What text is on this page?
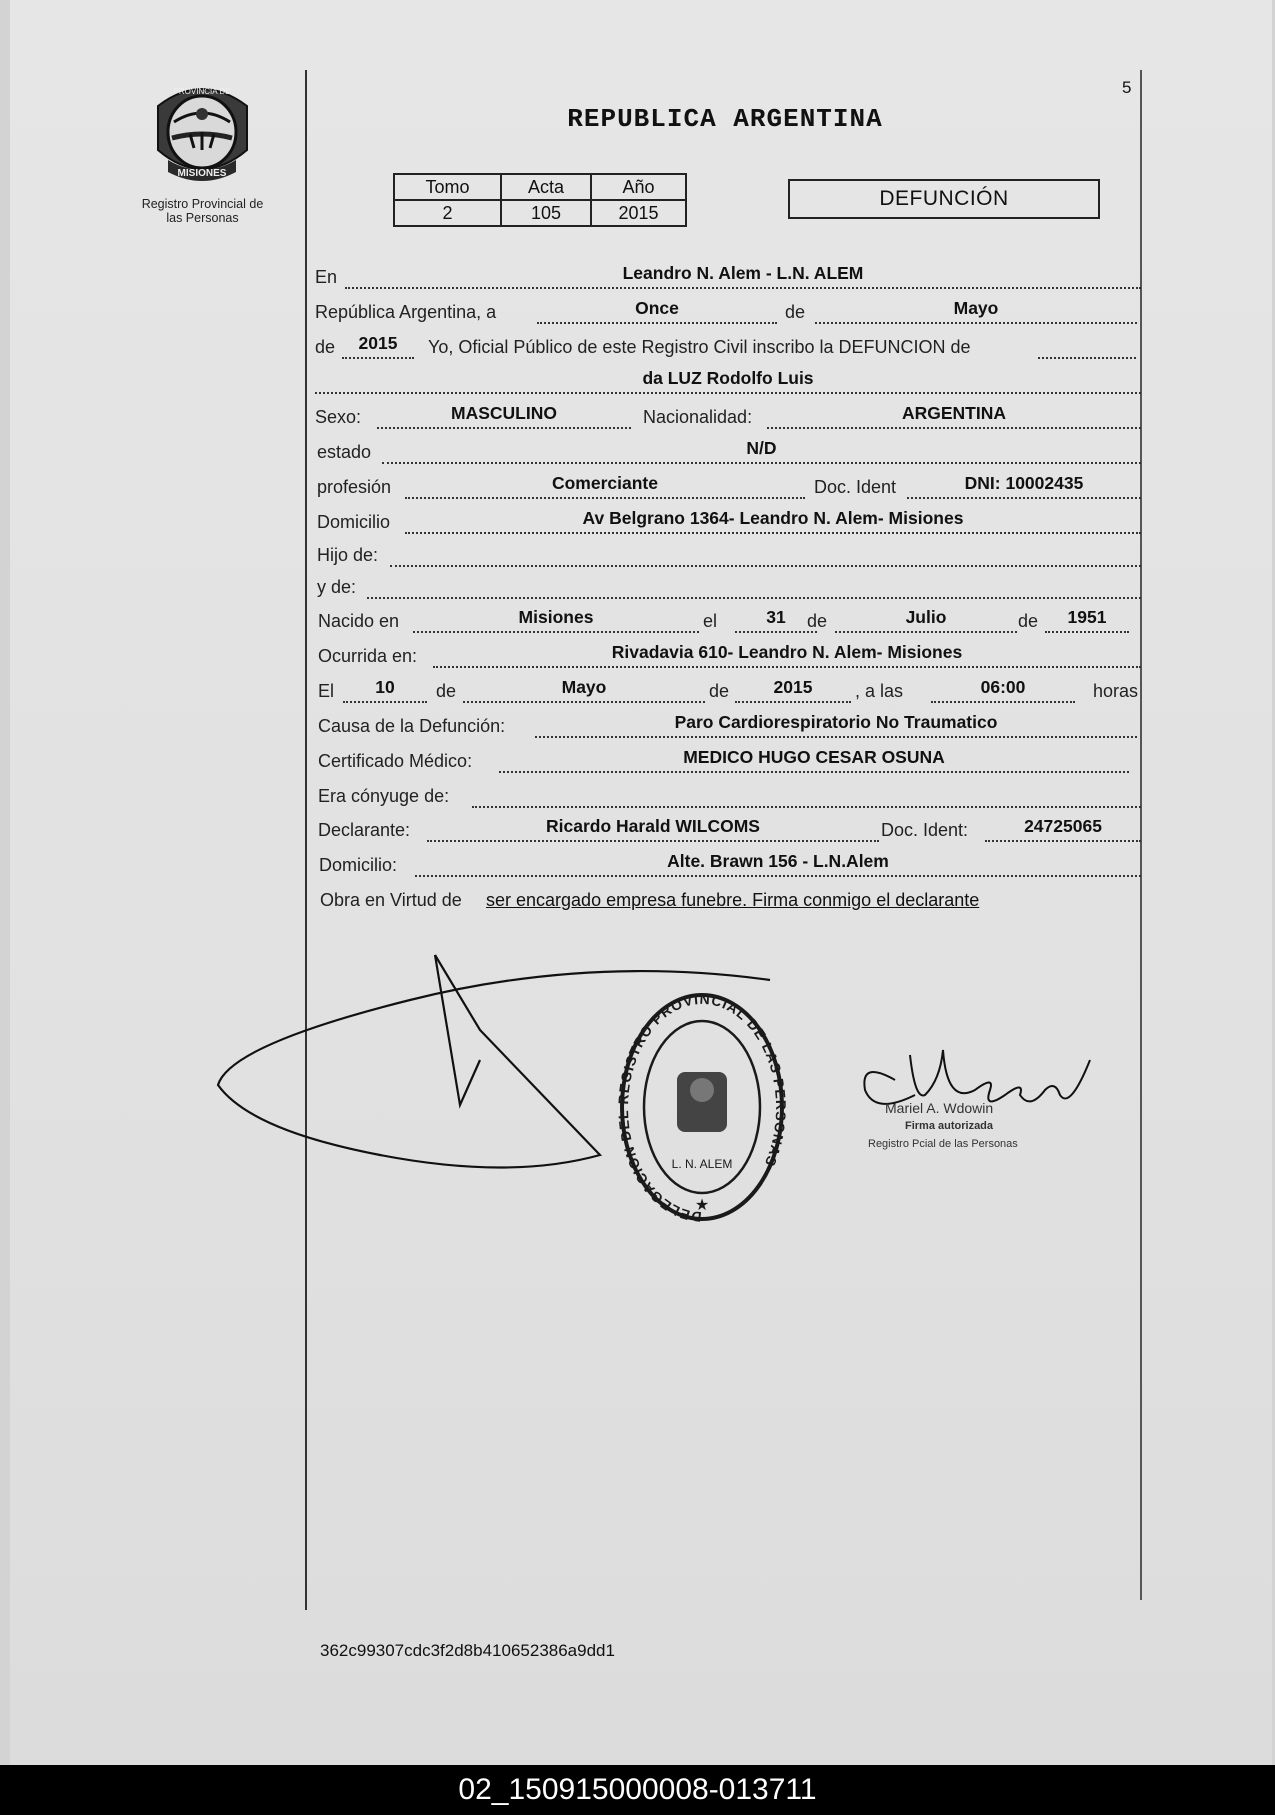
PROVINCIA DE
MISIONES
Registro Provincial de
las Personas
5
REPUBLICA ARGENTINA
Tomo	Acta	Año
2	105	2015
DEFUNCIÓN
En	Leandro N. Alem - L.N. ALEM
República Argentina, a	Once	de	Mayo
de	2015	Yo, Oficial Público de este Registro Civil inscribo la DEFUNCION de
da LUZ Rodolfo Luis
Sexo:	MASCULINO	Nacionalidad:	ARGENTINA
estado	N/D
profesión	Comerciante	Doc. Ident	DNI: 10002435
Domicilio	Av Belgrano 1364- Leandro N. Alem- Misiones
Hijo de:
y de:
Nacido en	Misiones	el	31	de	Julio	de	1951
Ocurrida en:	Rivadavia 610- Leandro N. Alem- Misiones
El	10	de	Mayo	de	2015	, a las	06:00	horas
Causa de la Defunción:	Paro Cardiorespiratorio No Traumatico
Certificado Médico:	MEDICO HUGO CESAR OSUNA
Era cónyuge de:
Declarante:	Ricardo Harald WILCOMS	Doc. Ident:	24725065
Domicilio:	Alte. Brawn 156 - L.N.Alem
Obra en Virtud de ser encargado empresa funebre. Firma conmigo el declarante
DELEGACION DEL REGISTRO PROVINCIAL DE LAS PERSONAS
L. N. ALEM
★
Mariel A. Wdowin
Firma autorizada
Registro Pcial de las Personas
362c99307cdc3f2d8b410652386a9dd1
02_150915000008-013711
